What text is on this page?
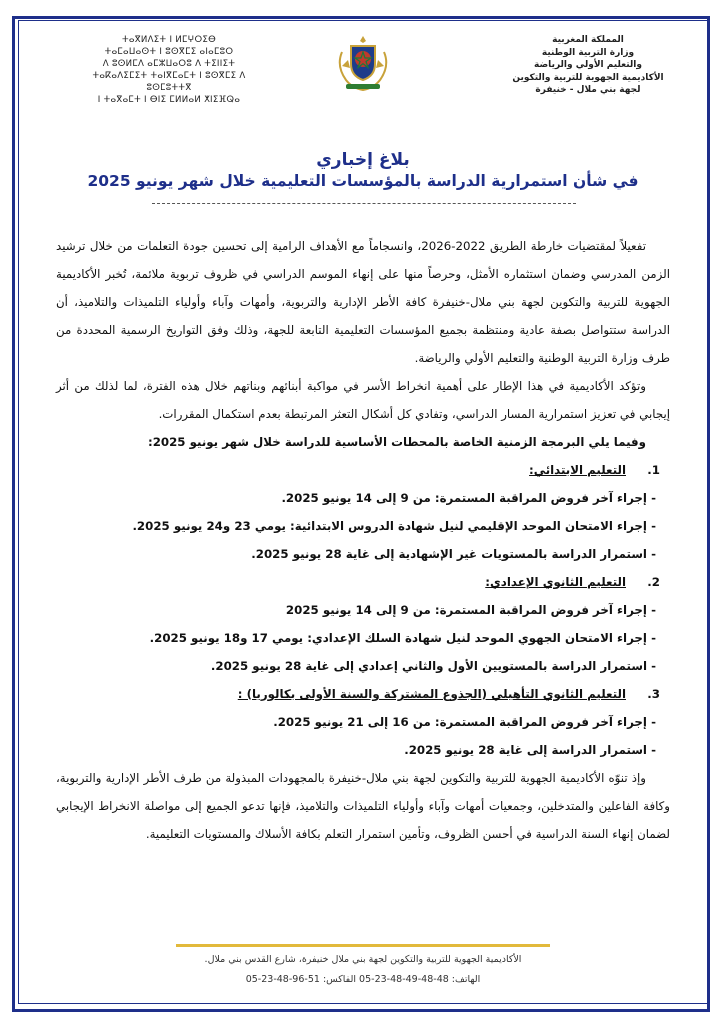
ⵜⴰⴳⵍⴷⵉⵜ ⵏ ⵍⵎⵖⵔⵉⴱ
ⵜⴰⵎⴰⵡⴰⵙⵜ ⵏ ⵓⵙⴳⵎⵉ ⴰⵏⴰⵎⵓⵔ
ⴷ ⵓⵙⵍⵎⴷ ⴰⵎⵣⵡⴰⵔⵓ ⴷ ⵜⵉⵏⵏⵉⵜ
ⵜⴰⴽⴰⴷⵉⵎⵉⵜ ⵜⴰⵏⴳⵎⴰⵎⵜ ⵏ ⵓⵙⴳⵎⵉ ⴷ ⵓⵙⵎⵓⵜⵜⴳ
ⵏ ⵜⴰⴳⴰⵎⵜ ⵏ ⴱⵏⵉ ⵎⵍⵍⴰⵍ ⵅⵏⵉⴼⵕⴰ
المملكة المغربية
وزارة التربية الوطنية
والتعليم الأولي والرياضة
الأكاديمية الجهوية للتربية والتكوين
لجهة بني ملال - خنيفرة
بلاغ إخباري
في شأن استمرارية الدراسة بالمؤسسات التعليمية خلال شهر يونيو 2025

تفعيلاً لمقتضيات خارطة الطريق 2022-2026، وانسجاماً مع الأهداف الرامية إلى تحسين جودة التعلمات من خلال ترشيد الزمن المدرسي وضمان استثماره الأمثل، وحرصاً منها على إنهاء الموسم الدراسي في ظروف تربوية ملائمة، تُخبر الأكاديمية الجهوية للتربية والتكوين لجهة بني ملال-خنيفرة كافة الأطر الإدارية والتربوية، وأمهات وآباء وأولياء التلميذات والتلاميذ، أن الدراسة ستتواصل بصفة عادية ومنتظمة بجميع المؤسسات التعليمية التابعة للجهة، وذلك وفق التواريخ الرسمية المحددة من طرف وزارة التربية الوطنية والتعليم الأولي والرياضة.

وتؤكد الأكاديمية في هذا الإطار على أهمية انخراط الأسر في مواكبة أبنائهم وبناتهم خلال هذه الفترة، لما لذلك من أثر إيجابي في تعزيز استمرارية المسار الدراسي، وتفادي كل أشكال التعثر المرتبطة بعدم استكمال المقررات.

وفيما يلي البرمجة الزمنية الخاصة بالمحطات الأساسية للدراسة خلال شهر يونيو 2025:

1.التعليم الابتدائي:
- إجراء آخر فروض المراقبة المستمرة: من 9 إلى 14 يونيو 2025.
- إجراء الامتحان الموحد الإقليمي لنيل شهادة الدروس الابتدائية: يومي 23 و24 يونيو 2025.
- استمرار الدراسة بالمستويات غير الإشهادية إلى غاية 28 يونيو 2025.
2.التعليم الثانوي الإعدادي:
- إجراء آخر فروض المراقبة المستمرة: من 9 إلى 14 يونيو 2025
- إجراء الامتحان الجهوي الموحد لنيل شهادة السلك الإعدادي: يومي 17 و18 يونيو 2025.
- استمرار الدراسة بالمستويين الأول والثاني إعدادي إلى غاية 28 يونيو 2025.
3.التعليم الثانوي التأهيلي (الجذوع المشتركة والسنة الأولى بكالوريا) :
- إجراء آخر فروض المراقبة المستمرة: من 16 إلى 21 يونيو 2025.
- استمرار الدراسة إلى غاية 28 يونيو 2025.

وإذ تنوّه الأكاديمية الجهوية للتربية والتكوين لجهة بني ملال-خنيفرة بالمجهودات المبذولة من طرف الأطر الإدارية والتربوية، وكافة الفاعلين والمتدخلين، وجمعيات أمهات وآباء وأولياء التلميذات والتلاميذ، فإنها تدعو الجميع إلى مواصلة الانخراط الإيجابي لضمان إنهاء السنة الدراسية في أحسن الظروف، وتأمين استمرار التعلم بكافة الأسلاك والمستويات التعليمية.

الأكاديمية الجهوية للتربية والتكوين لجهة بني ملال خنيفرة، شارع القدس بني ملال.
الهاتف: 48-48-49-48-23-05 الفاكس: 51-96-48-23-05
